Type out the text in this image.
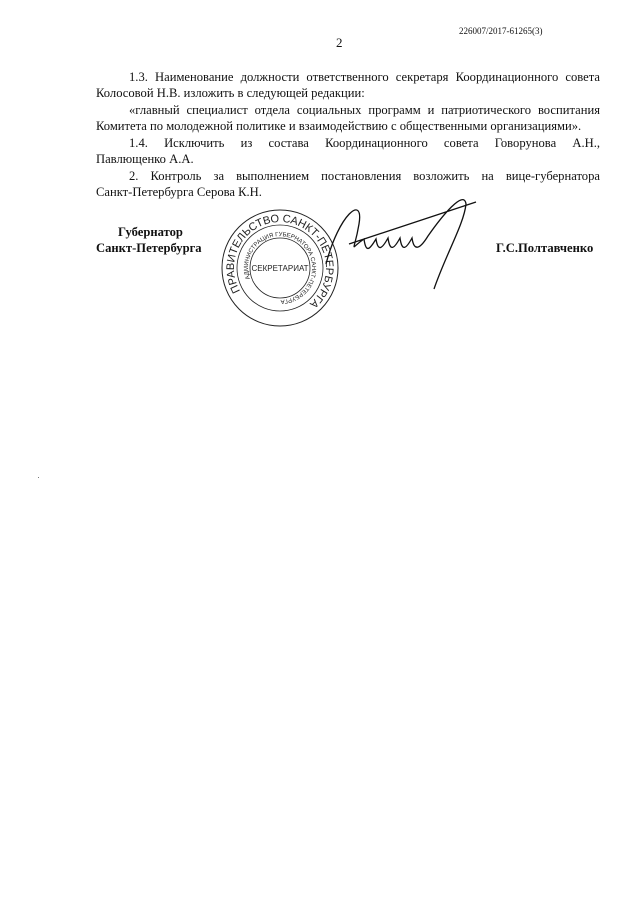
226007/2017-61265(3)
2
1.3. Наименование должности ответственного секретаря Координационного совета
Колосовой Н.В. изложить в следующей редакции:
«главный специалист отдела социальных программ и патриотического воспитания
Комитета по молодежной политике и взаимодействию с общественными организациями».
1.4. Исключить из состава Координационного совета Говорунова А.Н.,
Павлющенко А.А.
2. Контроль за выполнением постановления возложить на вице-губернатора
Санкт-Петербурга Серова К.Н.
Губернатор
Санкт-Петербурга	Г.С.Полтавченко
ПРАВИТЕЛЬСТВО САНКТ-ПЕТЕРБУРГА
АДМИНИСТРАЦИЯ ГУБЕРНАТОРА САНКТ-ПЕТЕРБУРГА
СЕКРЕТАРИАТ
